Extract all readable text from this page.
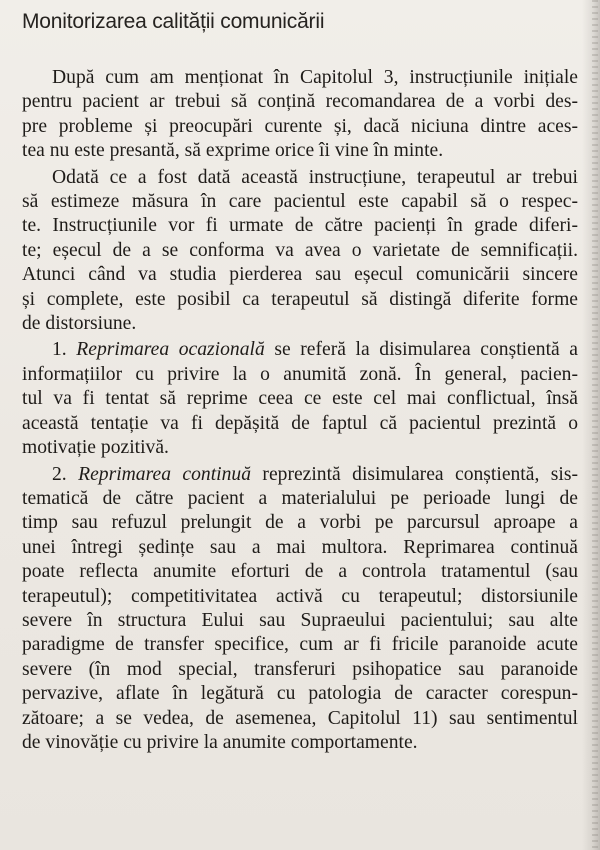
Monitorizarea calității comunicării
După cum am menționat în Capitolul 3, instrucțiunile inițiale
pentru pacient ar trebui să conțină recomandarea de a vorbi des-
pre probleme și preocupări curente și, dacă niciuna dintre aces-
tea nu este presantă, să exprime orice îi vine în minte.
Odată ce a fost dată această instrucțiune, terapeutul ar trebui
să estimeze măsura în care pacientul este capabil să o respec-
te. Instrucțiunile vor fi urmate de către pacienți în grade diferi-
te; eșecul de a se conforma va avea o varietate de semnificații.
Atunci când va studia pierderea sau eșecul comunicării sincere
și complete, este posibil ca terapeutul să distingă diferite forme
de distorsiune.
1. Reprimarea ocazională se referă la disimularea conștientă a
informațiilor cu privire la o anumită zonă. În general, pacien-
tul va fi tentat să reprime ceea ce este cel mai conflictual, însă
această tentație va fi depășită de faptul că pacientul prezintă o
motivație pozitivă.
2. Reprimarea continuă reprezintă disimularea conștientă, sis-
tematică de către pacient a materialului pe perioade lungi de
timp sau refuzul prelungit de a vorbi pe parcursul aproape a
unei întregi ședințe sau a mai multora. Reprimarea continuă
poate reflecta anumite eforturi de a controla tratamentul (sau
terapeutul); competitivitatea activă cu terapeutul; distorsiunile
severe în structura Eului sau Supraeului pacientului; sau alte
paradigme de transfer specifice, cum ar fi fricile paranoide acute
severe (în mod special, transferuri psihopatice sau paranoide
pervazive, aflate în legătură cu patologia de caracter corespun-
zătoare; a se vedea, de asemenea, Capitolul 11) sau sentimentul
de vinovăție cu privire la anumite comportamente.
